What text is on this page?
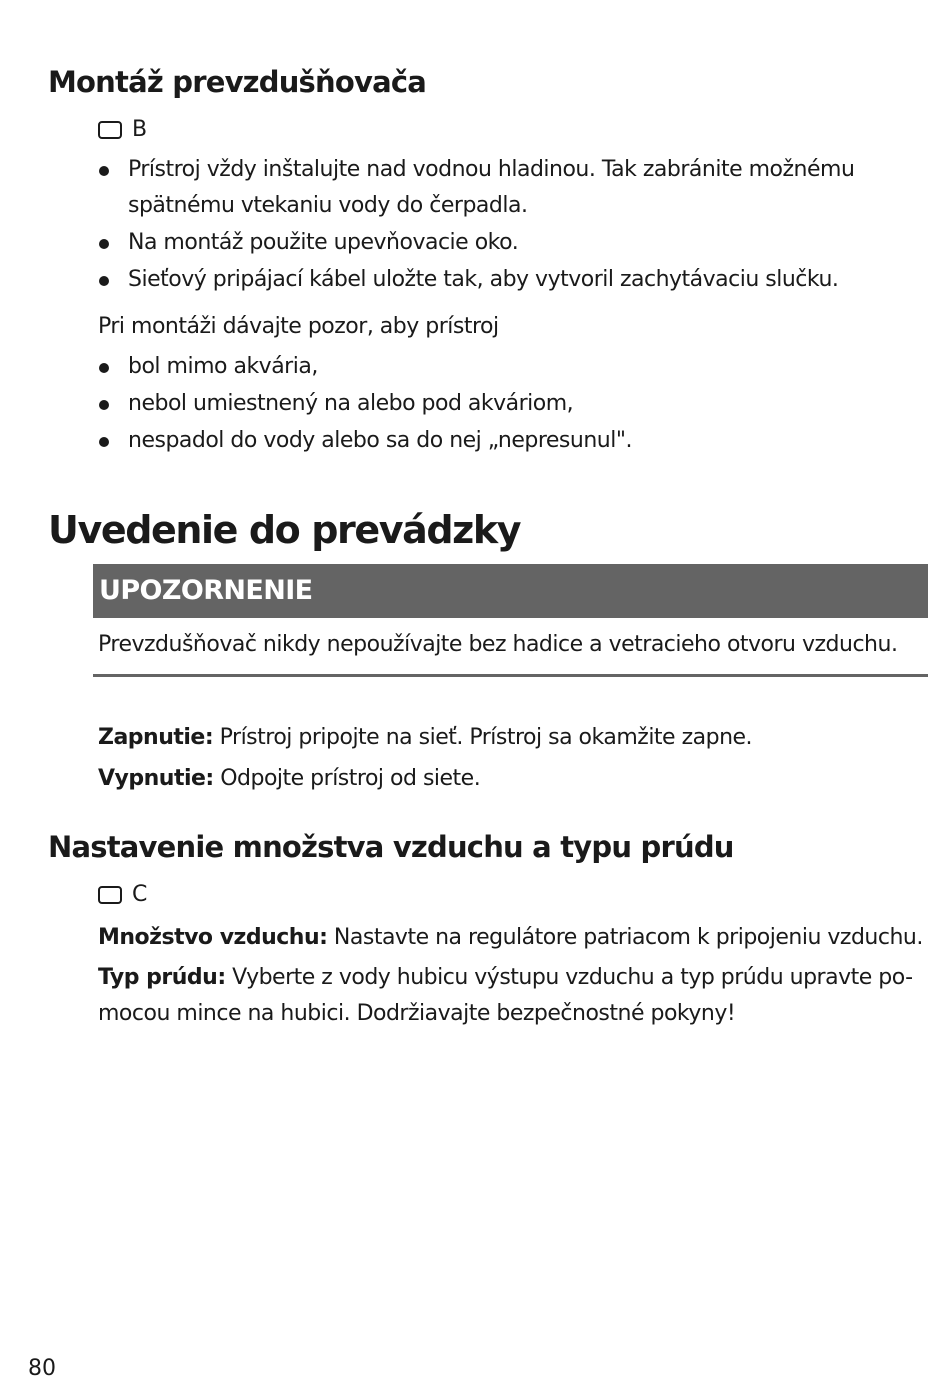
Montáž prevzdušňovača
B
Prístroj vždy inštalujte nad vodnou hladinou. Tak zabránite možnému
spätnému vtekaniu vody do čerpadla.
Na montáž použite upevňovacie oko.
Sieťový pripájací kábel uložte tak, aby vytvoril zachytávaciu slučku.
Pri montáži dávajte pozor, aby prístroj
bol mimo akvária,
nebol umiestnený na alebo pod akváriom,
nespadol do vody alebo sa do nej „nepresunul".
Uvedenie do prevádzky
UPOZORNENIE
Prevzdušňovač nikdy nepoužívajte bez hadice a vetracieho otvoru vzduchu.
Zapnutie: Prístroj pripojte na sieť. Prístroj sa okamžite zapne.
Vypnutie: Odpojte prístroj od siete.
Nastavenie množstva vzduchu a typu prúdu
C
Množstvo vzduchu: Nastavte na regulátore patriacom k pripojeniu vzduchu.
Typ prúdu: Vyberte z vody hubicu výstupu vzduchu a typ prúdu upravte po-
mocou mince na hubici. Dodržiavajte bezpečnostné pokyny!
80
